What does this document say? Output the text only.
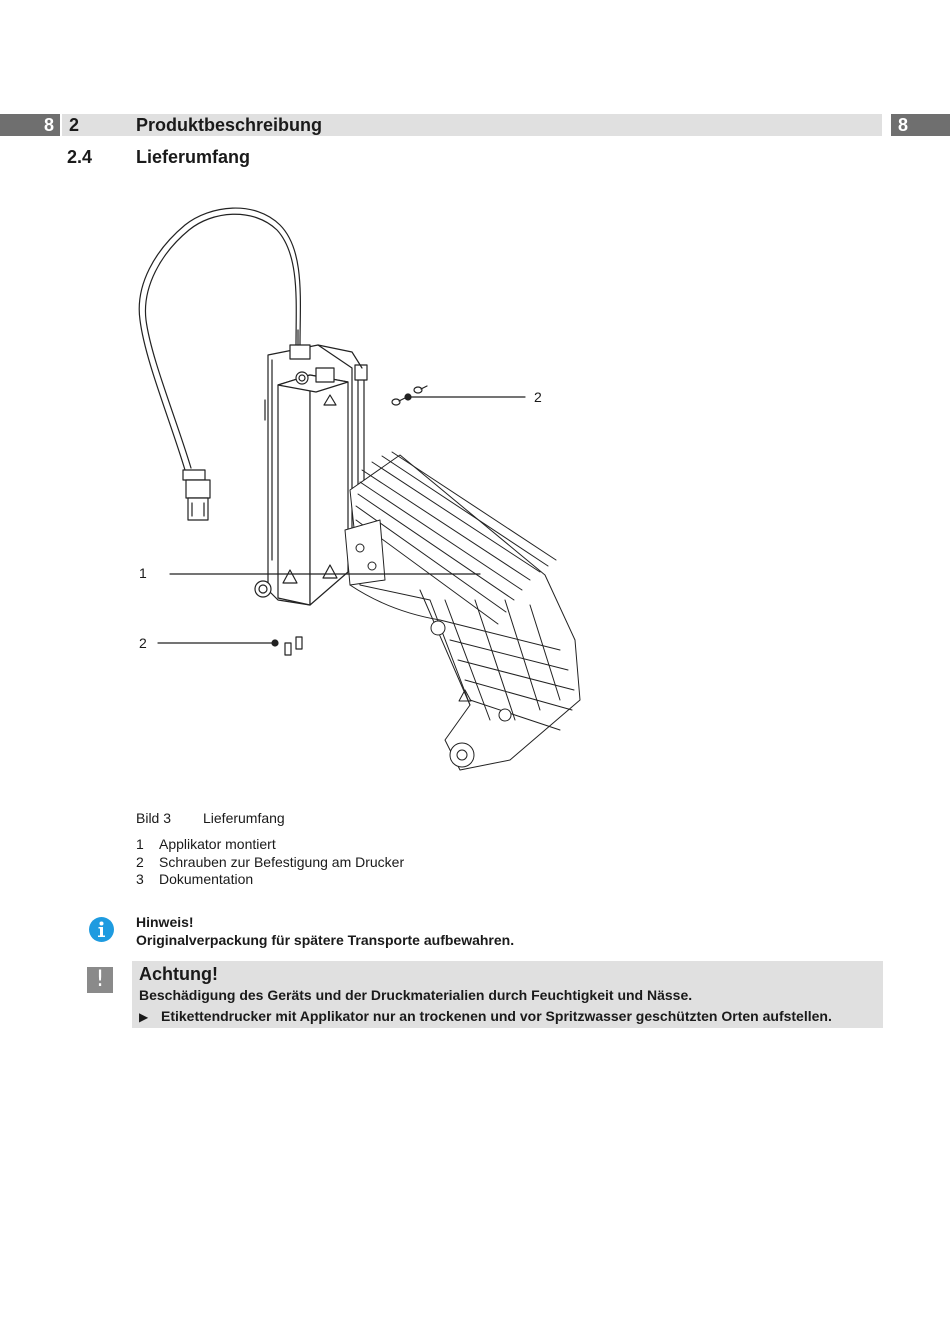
8 2	Produktbeschreibung	8
2.4 Lieferumfang
2
1
2
Bild 3 Lieferumfang
1	Applikator montiert
2	Schrauben zur Befestigung am Drucker
3	Dokumentation
Hinweis!
Originalverpackung für spätere Transporte aufbewahren.
!	Achtung!
Beschädigung des Geräts und der Druckmaterialien durch Feuchtigkeit und Nässe.
▶ Etikettendrucker mit Applikator nur an trockenen und vor Spritzwasser geschützten Orten aufstellen.
